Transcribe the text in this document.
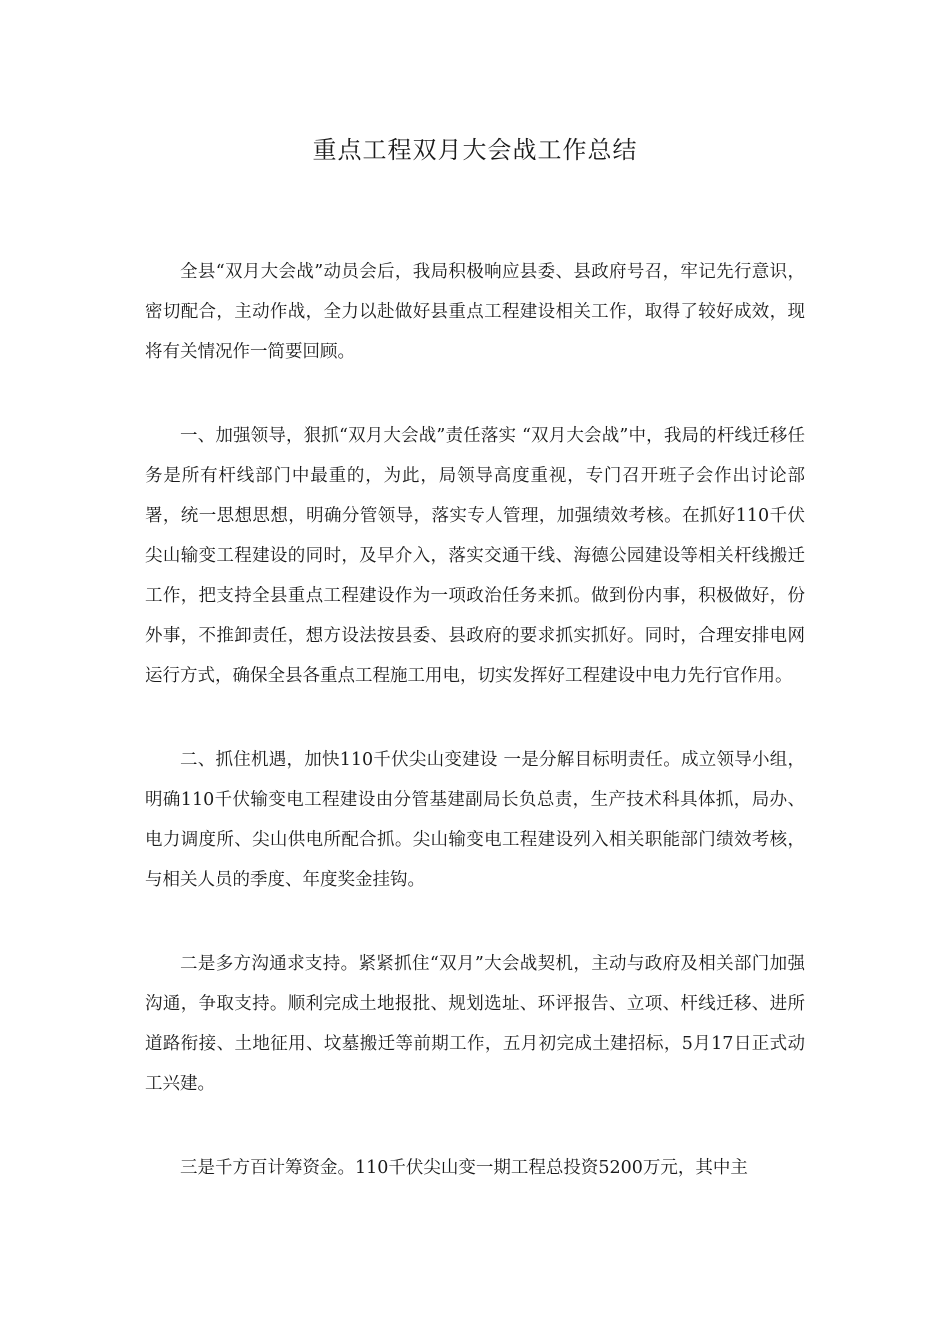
重点工程双月大会战工作总结

全县“双月大会战”动员会后，我局积极响应县委、县政府号召，牢记先行意识，密切配合，主动作战，全力以赴做好县重点工程建设相关工作，取得了较好成效，现将有关情况作一简要回顾。

一、加强领导，狠抓“双月大会战”责任落实 “双月大会战”中，我局的杆线迁移任务是所有杆线部门中最重的，为此，局领导高度重视，专门召开班子会作出讨论部署，统一思想思想，明确分管领导，落实专人管理，加强绩效考核。在抓好110千伏尖山输变工程建设的同时，及早介入，落实交通干线、海德公园建设等相关杆线搬迁工作，把支持全县重点工程建设作为一项政治任务来抓。做到份内事，积极做好，份外事，不推卸责任，想方设法按县委、县政府的要求抓实抓好。同时，合理安排电网运行方式，确保全县各重点工程施工用电，切实发挥好工程建设中电力先行官作用。

二、抓住机遇，加快110千伏尖山变建设 一是分解目标明责任。成立领导小组，明确110千伏输变电工程建设由分管基建副局长负总责，生产技术科具体抓，局办、电力调度所、尖山供电所配合抓。尖山输变电工程建设列入相关职能部门绩效考核，与相关人员的季度、年度奖金挂钩。

二是多方沟通求支持。紧紧抓住“双月”大会战契机，主动与政府及相关部门加强沟通，争取支持。顺利完成土地报批、规划选址、环评报告、立项、杆线迁移、进所道路衔接、土地征用、坟墓搬迁等前期工作，五月初完成土建招标，5月17日正式动工兴建。

三是千方百计筹资金。110千伏尖山变一期工程总投资5200万元，其中主
